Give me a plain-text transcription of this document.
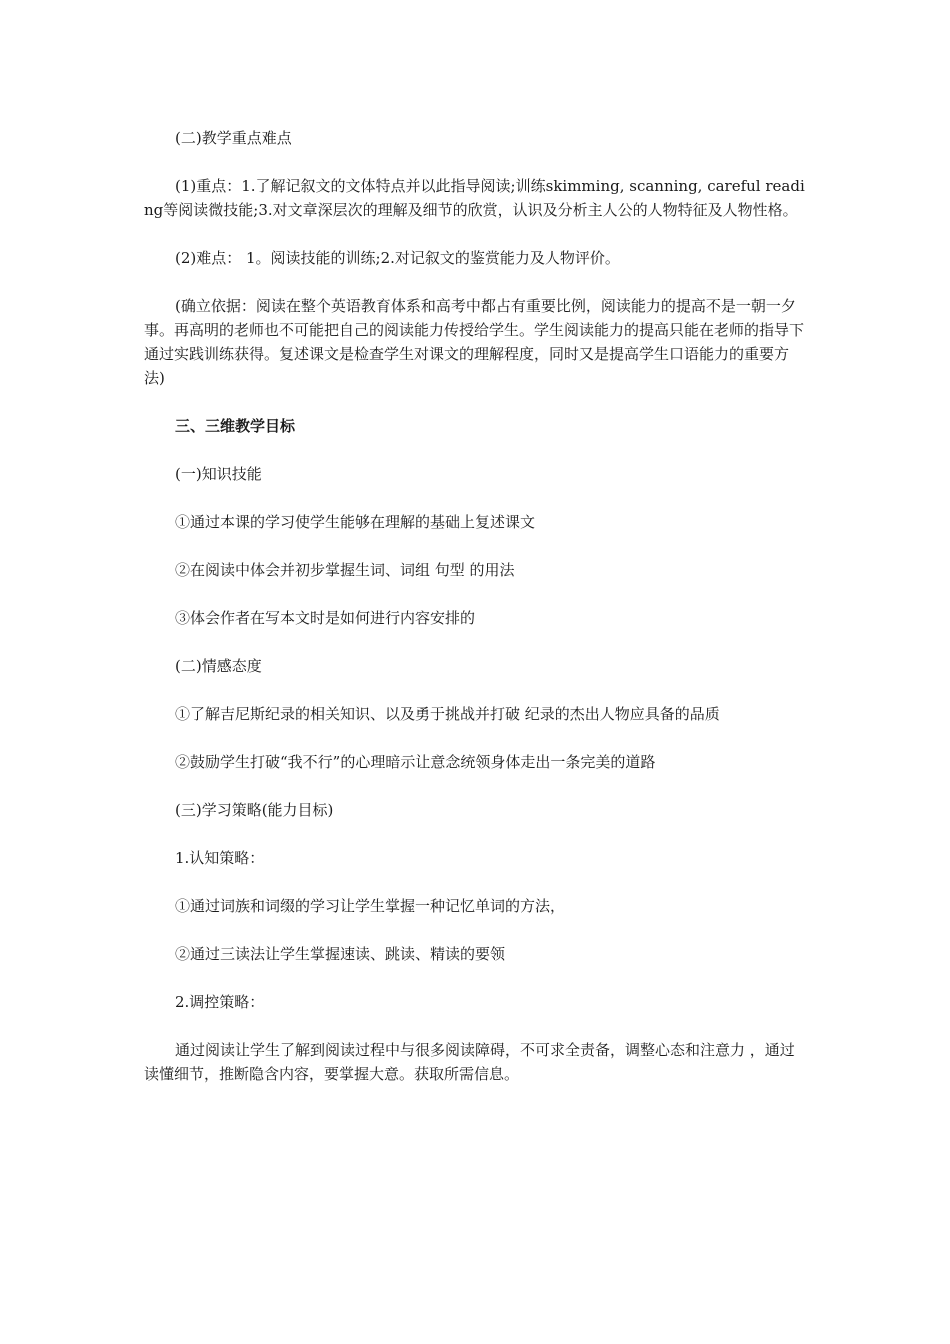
(二)教学重点难点

(1)重点：1.了解记叙文的文体特点并以此指导阅读;训练skimming, scanning, careful reading等阅读微技能;3.对文章深层次的理解及细节的欣赏，认识及分析主人公的人物特征及人物性格。

(2)难点： 1。阅读技能的训练;2.对记叙文的鉴赏能力及人物评价。

(确立依据：阅读在整个英语教育体系和高考中都占有重要比例，阅读能力的提高不是一朝一夕事。再高明的老师也不可能把自己的阅读能力传授给学生。学生阅读能力的提高只能在老师的指导下通过实践训练获得。复述课文是检查学生对课文的理解程度，同时又是提高学生口语能力的重要方法)

三、三维教学目标

(一)知识技能

①通过本课的学习使学生能够在理解的基础上复述课文

②在阅读中体会并初步掌握生词、词组 句型 的用法

③体会作者在写本文时是如何进行内容安排的

(二)情感态度

①了解吉尼斯纪录的相关知识、以及勇于挑战并打破 纪录的杰出人物应具备的品质

②鼓励学生打破“我不行”的心理暗示让意念统领身体走出一条完美的道路

(三)学习策略(能力目标)

1.认知策略：

①通过词族和词缀的学习让学生掌握一种记忆单词的方法，

②通过三读法让学生掌握速读、跳读、精读的要领

2.调控策略：

通过阅读让学生了解到阅读过程中与很多阅读障碍，不可求全责备，调整心态和注意力 ，通过读懂细节，推断隐含内容，要掌握大意。获取所需信息。
